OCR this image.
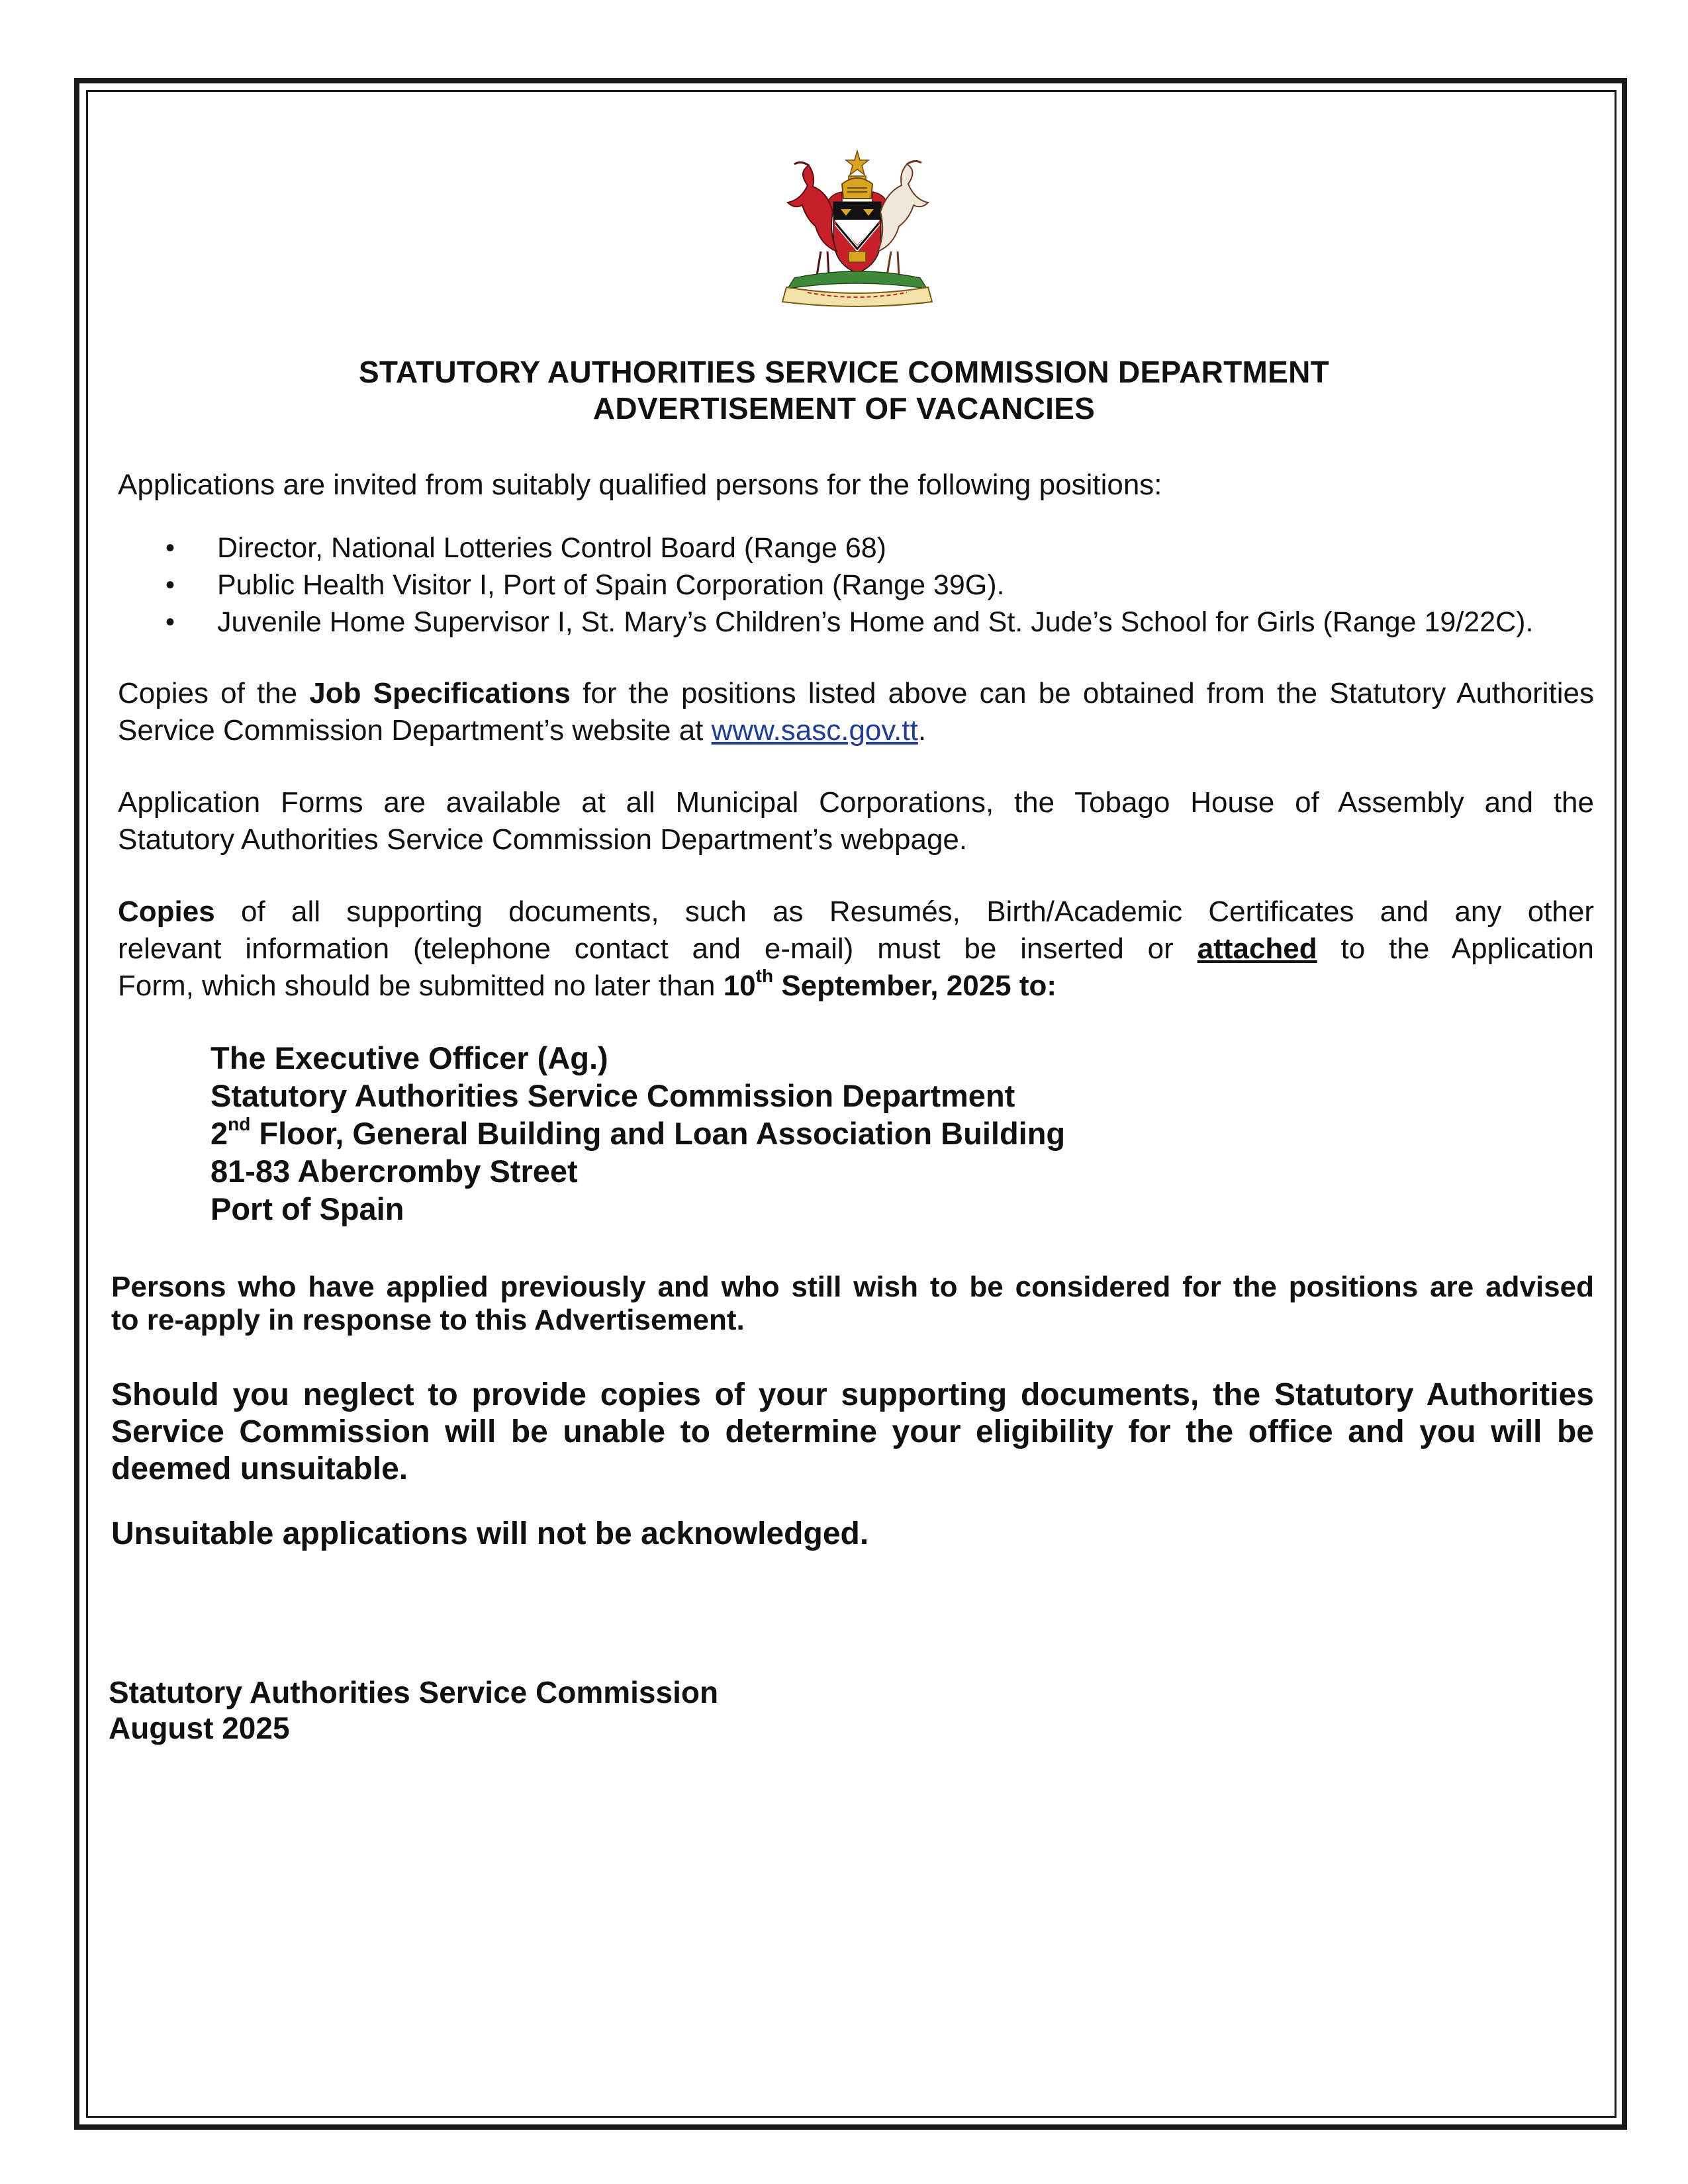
STATUTORY AUTHORITIES SERVICE COMMISSION DEPARTMENT
ADVERTISEMENT OF VACANCIES
Applications are invited from suitably qualified persons for the following positions:
• Director, National Lotteries Control Board (Range 68)
• Public Health Visitor I, Port of Spain Corporation (Range 39G).
• Juvenile Home Supervisor I, St. Mary’s Children’s Home and St. Jude’s School for Girls (Range 19/22C).
Copies of the Job Specifications for the positions listed above can be obtained from the Statutory Authorities
Service Commission Department’s website at www.sasc.gov.tt.
Application Forms are available at all Municipal Corporations, the Tobago House of Assembly and the
Statutory Authorities Service Commission Department’s webpage.
Copies of all supporting documents, such as Resumés, Birth/Academic Certificates and any other
relevant information (telephone contact and e-mail) must be inserted or attached to the Application
Form, which should be submitted no later than 10th September, 2025 to:
The Executive Officer (Ag.)
Statutory Authorities Service Commission Department
2nd Floor, General Building and Loan Association Building
81-83 Abercromby Street
Port of Spain
Persons who have applied previously and who still wish to be considered for the positions are advised
to re-apply in response to this Advertisement.
Should you neglect to provide copies of your supporting documents, the Statutory Authorities
Service Commission will be unable to determine your eligibility for the office and you will be
deemed unsuitable.
Unsuitable applications will not be acknowledged.
Statutory Authorities Service Commission
August 2025
